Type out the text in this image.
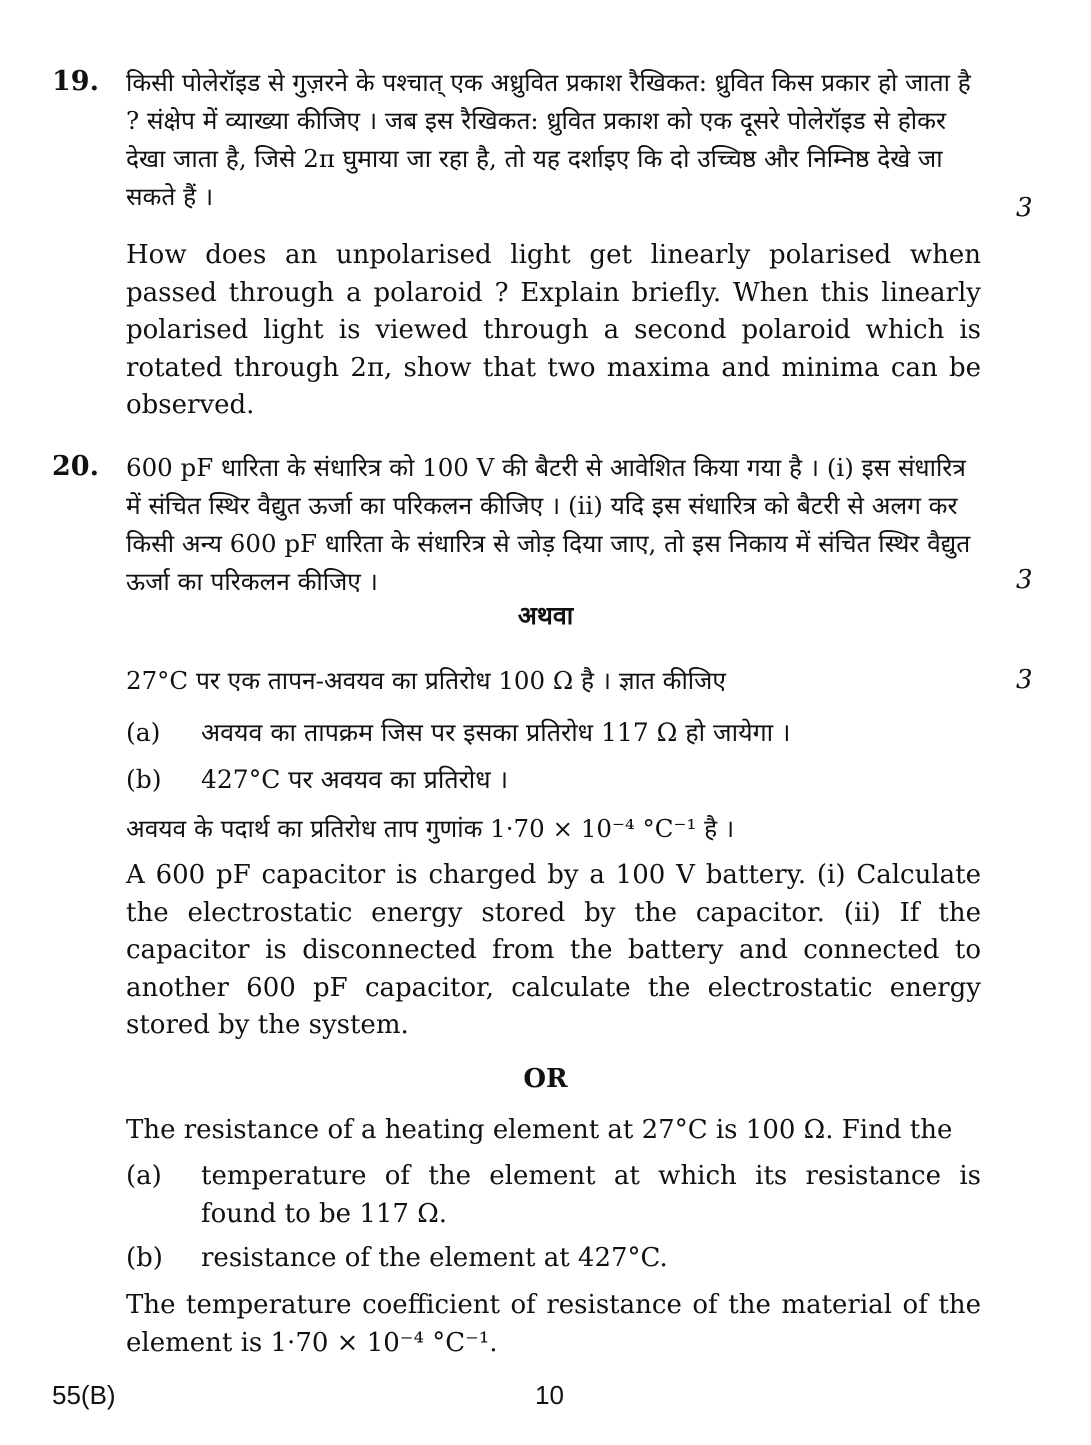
19. किसी पोलेरॉइड से गुज़रने के पश्चात् एक अध्रुवित प्रकाश रैखिकत: ध्रुवित किस प्रकार हो जाता है ? संक्षेप में व्याख्या कीजिए । जब इस रैखिकत: ध्रुवित प्रकाश को एक दूसरे पोलेरॉइड से होकर देखा जाता है, जिसे 2π घुमाया जा रहा है, तो यह दर्शाइए कि दो उच्चिष्ठ और निम्निष्ठ देखे जा सकते हैं ।	3
How does an unpolarised light get linearly polarised when passed through a polaroid ? Explain briefly. When this linearly polarised light is viewed through a second polaroid which is rotated through 2π, show that two maxima and minima can be observed.
20. 600 pF धारिता के संधारित्र को 100 V की बैटरी से आवेशित किया गया है । (i) इस संधारित्र में संचित स्थिर वैद्युत ऊर्जा का परिकलन कीजिए । (ii) यदि इस संधारित्र को बैटरी से अलग कर किसी अन्य 600 pF धारिता के संधारित्र से जोड़ दिया जाए, तो इस निकाय में संचित स्थिर वैद्युत ऊर्जा का परिकलन कीजिए ।	3
अथवा
27°C पर एक तापन-अवयव का प्रतिरोध 100 Ω है । ज्ञात कीजिए	3
(a) अवयव का तापक्रम जिस पर इसका प्रतिरोध 117 Ω हो जायेगा ।
(b) 427°C पर अवयव का प्रतिरोध ।
अवयव के पदार्थ का प्रतिरोध ताप गुणांक 1·70 × 10⁻⁴ °C⁻¹ है ।
A 600 pF capacitor is charged by a 100 V battery. (i) Calculate the electrostatic energy stored by the capacitor. (ii) If the capacitor is disconnected from the battery and connected to another 600 pF capacitor, calculate the electrostatic energy stored by the system.
OR
The resistance of a heating element at 27°C is 100 Ω. Find the
(a) temperature of the element at which its resistance is found to be 117 Ω.
(b) resistance of the element at 427°C.
The temperature coefficient of resistance of the material of the element is 1·70 × 10⁻⁴ °C⁻¹.
55(B)	10
